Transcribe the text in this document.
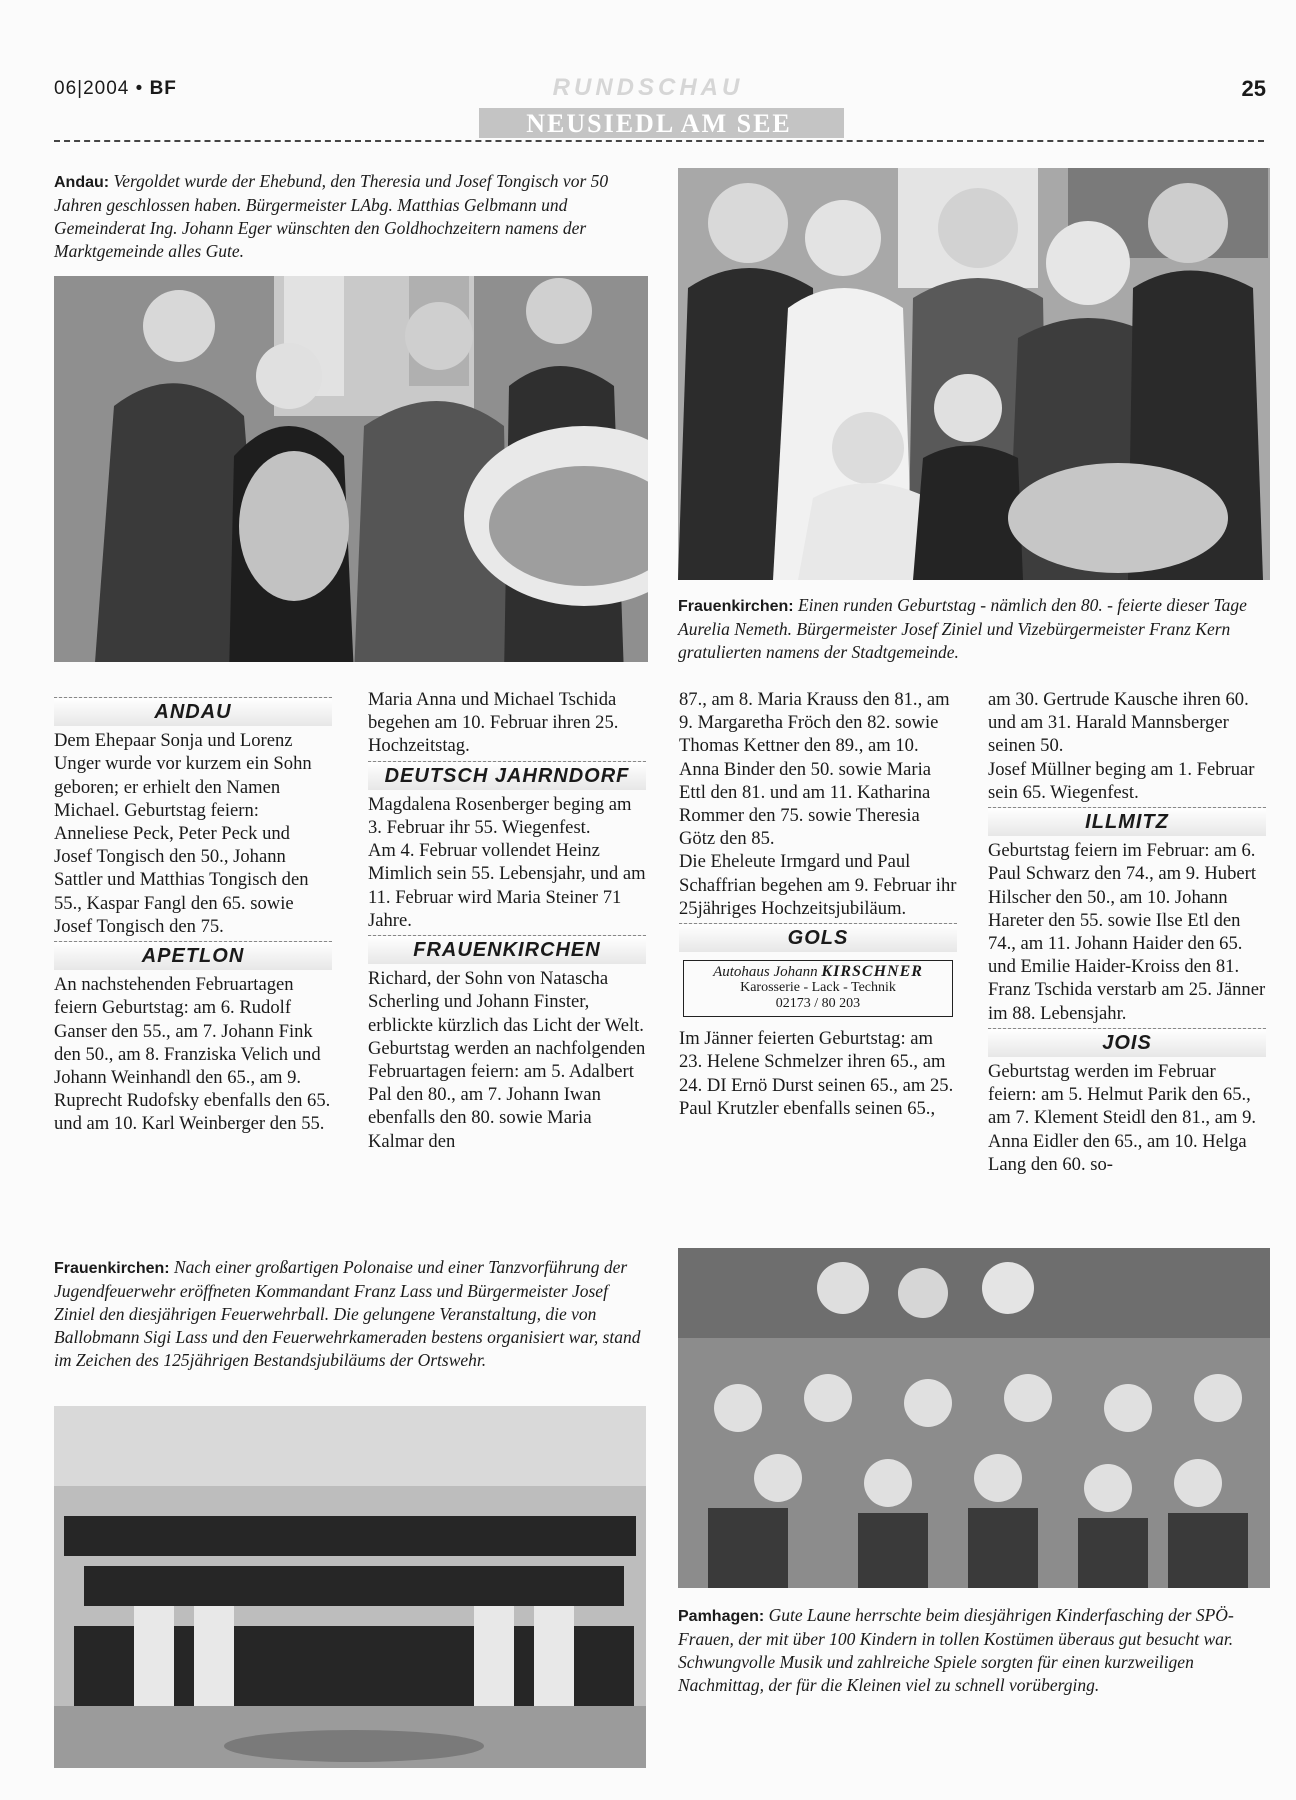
06|2004 • BF	RUNDSCHAU	25
NEUSIEDL AM SEE
Andau: Vergoldet wurde der Ehebund, den Theresia und Josef Tongisch vor 50 Jahren geschlossen haben. Bürgermeister LAbg. Matthias Gelbmann und Gemeinderat Ing. Johann Eger wünschten den Goldhochzeitern namens der Marktgemeinde alles Gute.
Frauenkirchen: Einen runden Geburtstag - nämlich den 80. - feierte dieser Tage Aurelia Nemeth. Bürgermeister Josef Ziniel und Vizebürgermeister Franz Kern gratulierten namens der Stadtgemeinde.
ANDAU

Dem Ehepaar Sonja und Lorenz Unger wurde vor kurzem ein Sohn geboren; er erhielt den Namen Michael. Geburtstag feiern: Anneliese Peck, Peter Peck und Josef Tongisch den 50., Johann Sattler und Matthias Tongisch den 55., Kaspar Fangl den 65. sowie Josef Tongisch den 75.

APETLON

An nachstehenden Februartagen feiern Geburtstag: am 6. Rudolf Ganser den 55., am 7. Johann Fink den 50., am 8. Franziska Velich und Johann Weinhandl den 65., am 9. Ruprecht Rudofsky ebenfalls den 65. und am 10. Karl Weinberger den 55.

Maria Anna und Michael Tschida begehen am 10. Februar ihren 25. Hochzeitstag.

DEUTSCH JAHRNDORF

Magdalena Rosenberger beging am 3. Februar ihr 55. Wiegenfest.

Am 4. Februar vollendet Heinz Mimlich sein 55. Lebensjahr, und am 11. Februar wird Maria Steiner 71 Jahre.

FRAUENKIRCHEN

Richard, der Sohn von Natascha Scherling und Johann Finster, erblickte kürzlich das Licht der Welt.

Geburtstag werden an nachfolgenden Februartagen feiern: am 5. Adalbert Pal den 80., am 7. Johann Iwan ebenfalls den 80. sowie Maria Kalmar den

87., am 8. Maria Krauss den 81., am 9. Margaretha Fröch den 82. sowie Thomas Kettner den 89., am 10. Anna Binder den 50. sowie Maria Ettl den 81. und am 11. Katharina Rommer den 75. sowie Theresia Götz den 85.

Die Eheleute Irmgard und Paul Schaffrian begehen am 9. Februar ihr 25jähriges Hochzeitsjubiläum.

GOLS
Autohaus Johann KIRSCHNER
Karosserie - Lack - Technik
02173 / 80 203

Im Jänner feierten Geburtstag: am 23. Helene Schmelzer ihren 65., am 24. DI Ernö Durst seinen 65., am 25. Paul Krutzler ebenfalls seinen 65.,

am 30. Gertrude Kausche ihren 60. und am 31. Harald Mannsberger seinen 50.

Josef Müllner beging am 1. Februar sein 65. Wiegenfest.

ILLMITZ

Geburtstag feiern im Februar: am 6. Paul Schwarz den 74., am 9. Hubert Hilscher den 50., am 10. Johann Hareter den 55. sowie Ilse Etl den 74., am 11. Johann Haider den 65. und Emilie Haider-Kroiss den 81.

Franz Tschida verstarb am 25. Jänner im 88. Lebensjahr.

JOIS

Geburtstag werden im Februar feiern: am 5. Helmut Parik den 65., am 7. Klement Steidl den 81., am 9. Anna Eidler den 65., am 10. Helga Lang den 60. so-

Frauenkirchen: Nach einer großartigen Polonaise und einer Tanzvorführung der Jugendfeuerwehr eröffneten Kommandant Franz Lass und Bürgermeister Josef Ziniel den diesjährigen Feuerwehrball. Die gelungene Veranstaltung, die von Ballobmann Sigi Lass und den Feuerwehrkameraden bestens organisiert war, stand im Zeichen des 125jährigen Bestandsjubiläums der Ortswehr.
Pamhagen: Gute Laune herrschte beim diesjährigen Kinderfasching der SPÖ-Frauen, der mit über 100 Kindern in tollen Kostümen überaus gut besucht war. Schwungvolle Musik und zahlreiche Spiele sorgten für einen kurzweiligen Nachmittag, der für die Kleinen viel zu schnell vorüberging.
